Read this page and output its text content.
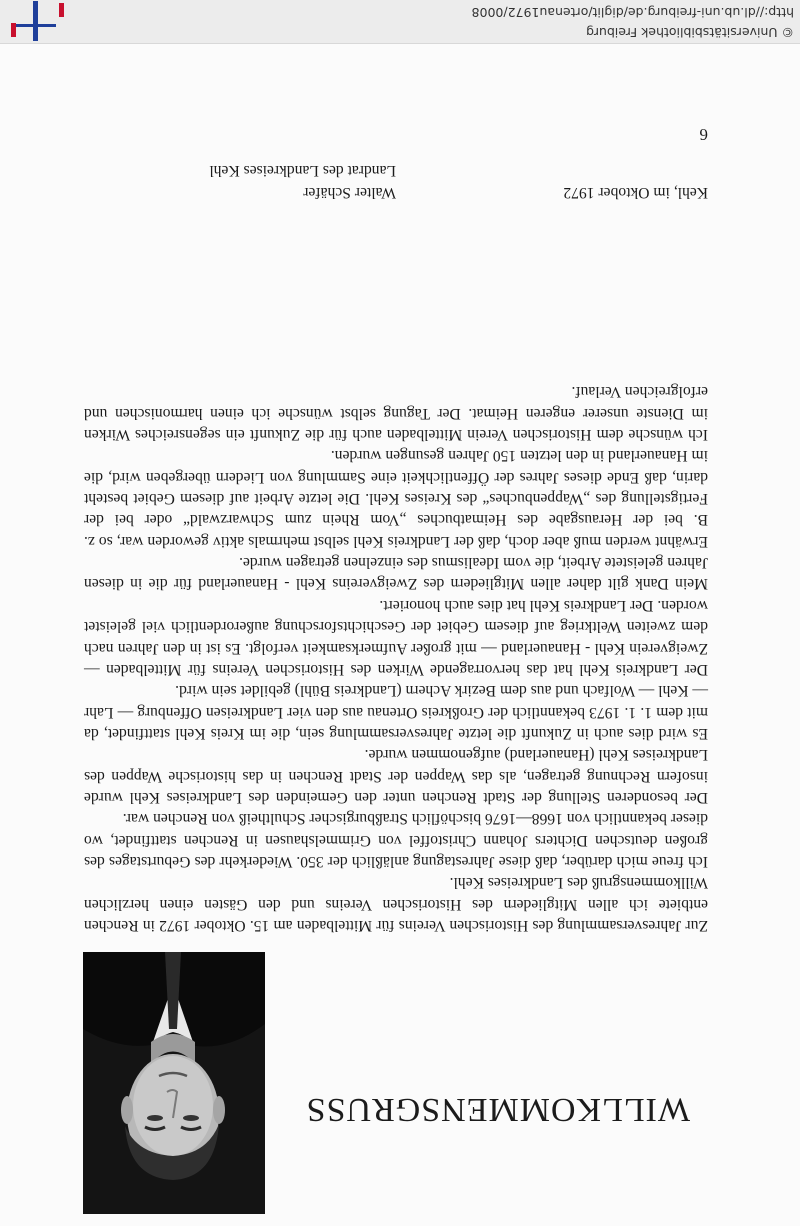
WILLKOMMENSGRUSS

Zur Jahresversammlung des Historischen Vereins für Mittelbaden am 15. Oktober 1972 in Renchen entbiete ich allen Mitgliedern des Historischen Vereins und den Gästen einen herzlichen Willkommensgruß des Landkreises Kehl.

Ich freue mich darüber, daß diese Jahrestagung anläßlich der 350. Wiederkehr des Geburtstages des großen deutschen Dichters Johann Christoffel von Grimmelshausen in Renchen stattfindet, wo dieser bekanntlich von 1668—1676 bischöflich Straßburgischer Schultheiß von Renchen war.

Der besonderen Stellung der Stadt Renchen unter den Gemeinden des Landkreises Kehl wurde insofern Rechnung getragen, als das Wappen der Stadt Renchen in das historische Wappen des Landkreises Kehl (Hanauerland) aufgenommen wurde.

Es wird dies auch in Zukunft die letzte Jahresversammlung sein, die im Kreis Kehl stattfindet, da mit dem 1. 1. 1973 bekanntlich der Großkreis Ortenau aus den vier Landkreisen Offenburg — Lahr — Kehl — Wolfach und aus dem Bezirk Achern (Landkreis Bühl) gebildet sein wird.

Der Landkreis Kehl hat das hervorragende Wirken des Historischen Vereins für Mittelbaden — Zweigverein Kehl - Hanauerland — mit großer Aufmerksamkeit verfolgt. Es ist in den Jahren nach dem zweiten Weltkrieg auf diesem Gebiet der Geschichtsforschung außerordentlich viel geleistet worden. Der Landkreis Kehl hat dies auch honoriert.

Mein Dank gilt daher allen Mitgliedern des Zweigvereins Kehl - Hanauerland für die in diesen Jahren geleistete Arbeit, die vom Idealismus des einzelnen getragen wurde.

Erwähnt werden muß aber doch, daß der Landkreis Kehl selbst mehrmals aktiv geworden war, so z. B. bei der Herausgabe des Heimatbuches „Vom Rhein zum Schwarzwald“ oder bei der Fertigstellung des „Wappenbuches“ des Kreises Kehl. Die letzte Arbeit auf diesem Gebiet besteht darin, daß Ende dieses Jahres der Öffentlichkeit eine Sammlung von Liedern übergeben wird, die im Hanauerland in den letzten 150 Jahren gesungen wurden.

Ich wünsche dem Historischen Verein Mittelbaden auch für die Zukunft ein segensreiches Wirken im Dienste unserer engeren Heimat. Der Tagung selbst wünsche ich einen harmonischen und erfolgreichen Verlauf.

Kehl, im Oktober 1972
Walter Schäfer
Landrat des Landkreises Kehl
6
© Universitätsbibliothek Freiburg
http://dl.ub.uni-freiburg.de/diglit/ortenau1972/0008
